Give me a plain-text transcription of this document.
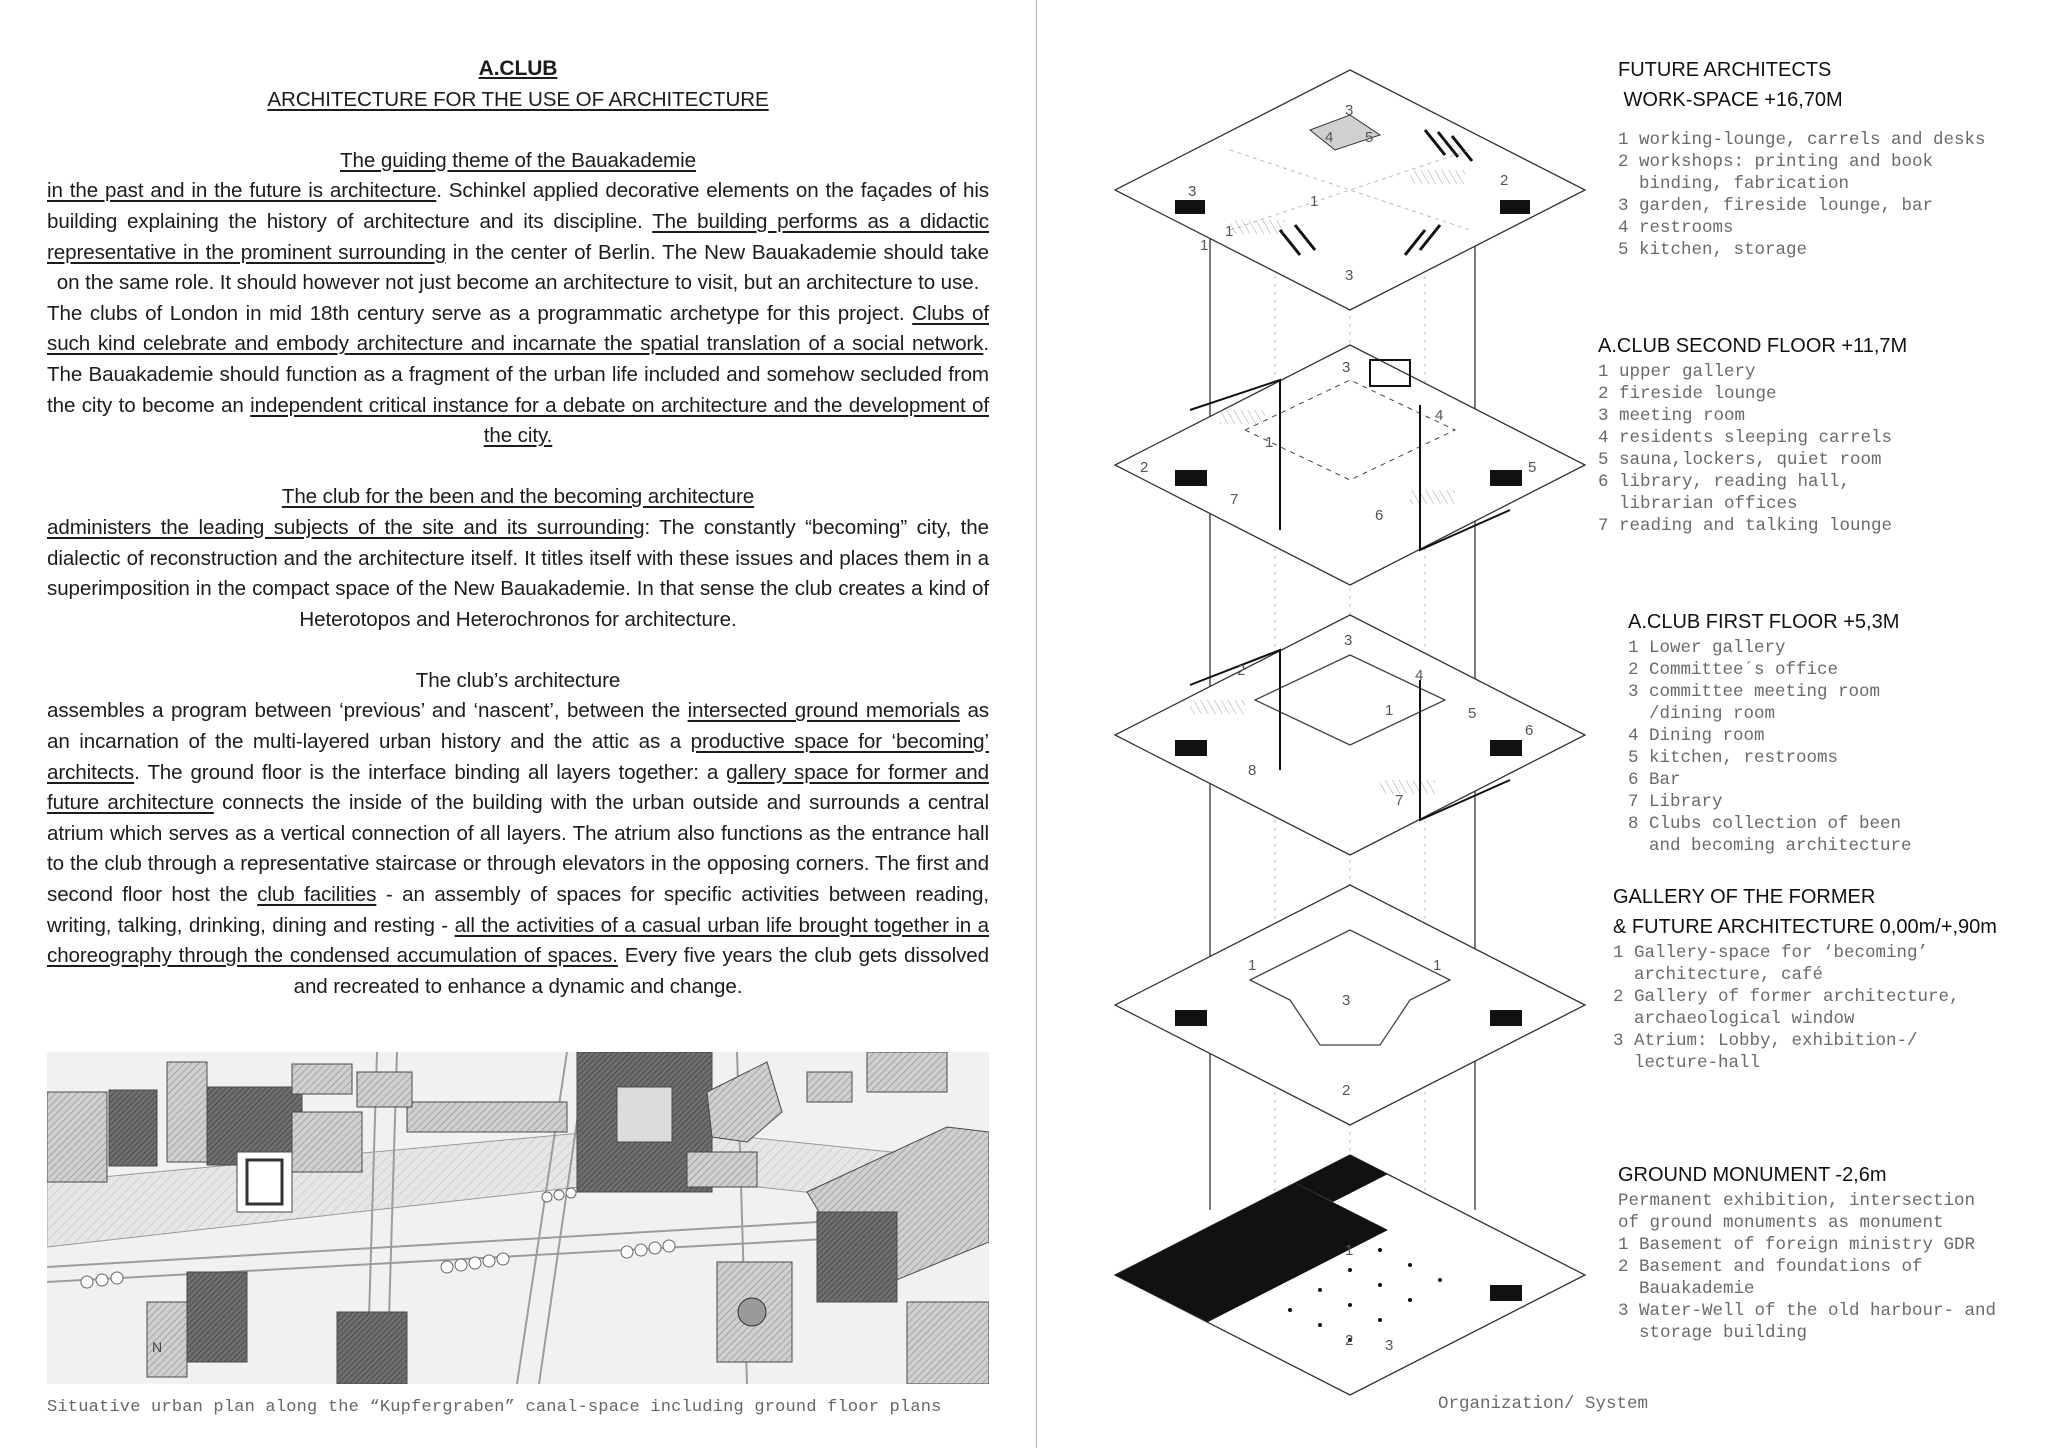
A.CLUB

ARCHITECTURE FOR THE USE OF ARCHITECTURE

The guiding theme of the Bauakademie

in the past and in the future is architecture. Schinkel applied decorative elements on the façades of his building explaining the history of architecture and its discipline. The building performs as a didactic representative in the prominent surrounding in the center of Berlin. The New Bauakademie should take on the same role. It should however not just become an architecture to visit, but an architecture to use.

The clubs of London in mid 18th century serve as a programmatic archetype for this project. Clubs of such kind celebrate and embody architecture and incarnate the spatial translation of a social network. The Bauakademie should function as a fragment of the urban life included and somehow secluded from the city to become an independent critical instance for a debate on architecture and the development of the city.

The club for the been and the becoming architecture

administers the leading subjects of the site and its surrounding: The constantly “becoming” city, the dialectic of reconstruction and the architecture itself. It titles itself with these issues and places them in a superimposition in the compact space of the New Bauakademie. In that sense the club creates a kind of Heterotopos and Heterochronos for architecture.

The club’s architecture

assembles a program between ‘previous’ and ‘nascent’, between the intersected ground memorials as an incarnation of the multi-layered urban history and the attic as a productive space for ‘becoming’ architects. The ground floor is the interface binding all layers together: a gallery space for former and future architecture connects the inside of the building with the urban outside and surrounds a central atrium which serves as a vertical connection of all layers. The atrium also functions as the entrance hall to the club through a representative staircase or through elevators in the opposing corners. The first and second floor host the club facilities - an assembly of spaces for specific activities between reading, writing, talking, drinking, dining and resting - all the activities of a casual urban life brought together in a choreography through the condensed accumulation of spaces. Every five years the club gets dissolved and recreated to enhance a dynamic and change.

N
Situative urban plan along the “Kupfergraben” canal-space including ground floor plans
3
4 5
1
2
3
3
1
1
1
2
3
4
5
6
7
1
2
3
4
5
6
7
8
1	1
2
3
1
2 3
FUTURE ARCHITECTS
WORK-SPACE +16,70M
1 working-lounge, carrels and desks
2 workshops: printing and book
binding, fabrication
3 garden, fireside lounge, bar
4 restrooms
5 kitchen, storage
A.CLUB SECOND FLOOR +11,7M
1 upper gallery
2 fireside lounge
3 meeting room
4 residents sleeping carrels
5 sauna,lockers, quiet room
6 library, reading hall,
librarian offices
7 reading and talking lounge
A.CLUB FIRST FLOOR +5,3M
1 Lower gallery
2 Committee´s office
3 committee meeting room
/dining room
4 Dining room
5 kitchen, restrooms
6 Bar
7 Library
8 Clubs collection of been
and becoming architecture
GALLERY OF THE FORMER
& FUTURE ARCHITECTURE 0,00m/+,90m
1 Gallery-space for ‘becoming’
architecture, café
2 Gallery of former architecture,
archaeological window
3 Atrium: Lobby, exhibition-/
lecture-hall
GROUND MONUMENT -2,6m
Permanent exhibition, intersection
of ground monuments as monument
1 Basement of foreign ministry GDR
2 Basement and foundations of
Bauakademie
3 Water-Well of the old harbour- and
storage building
Organization/ System
